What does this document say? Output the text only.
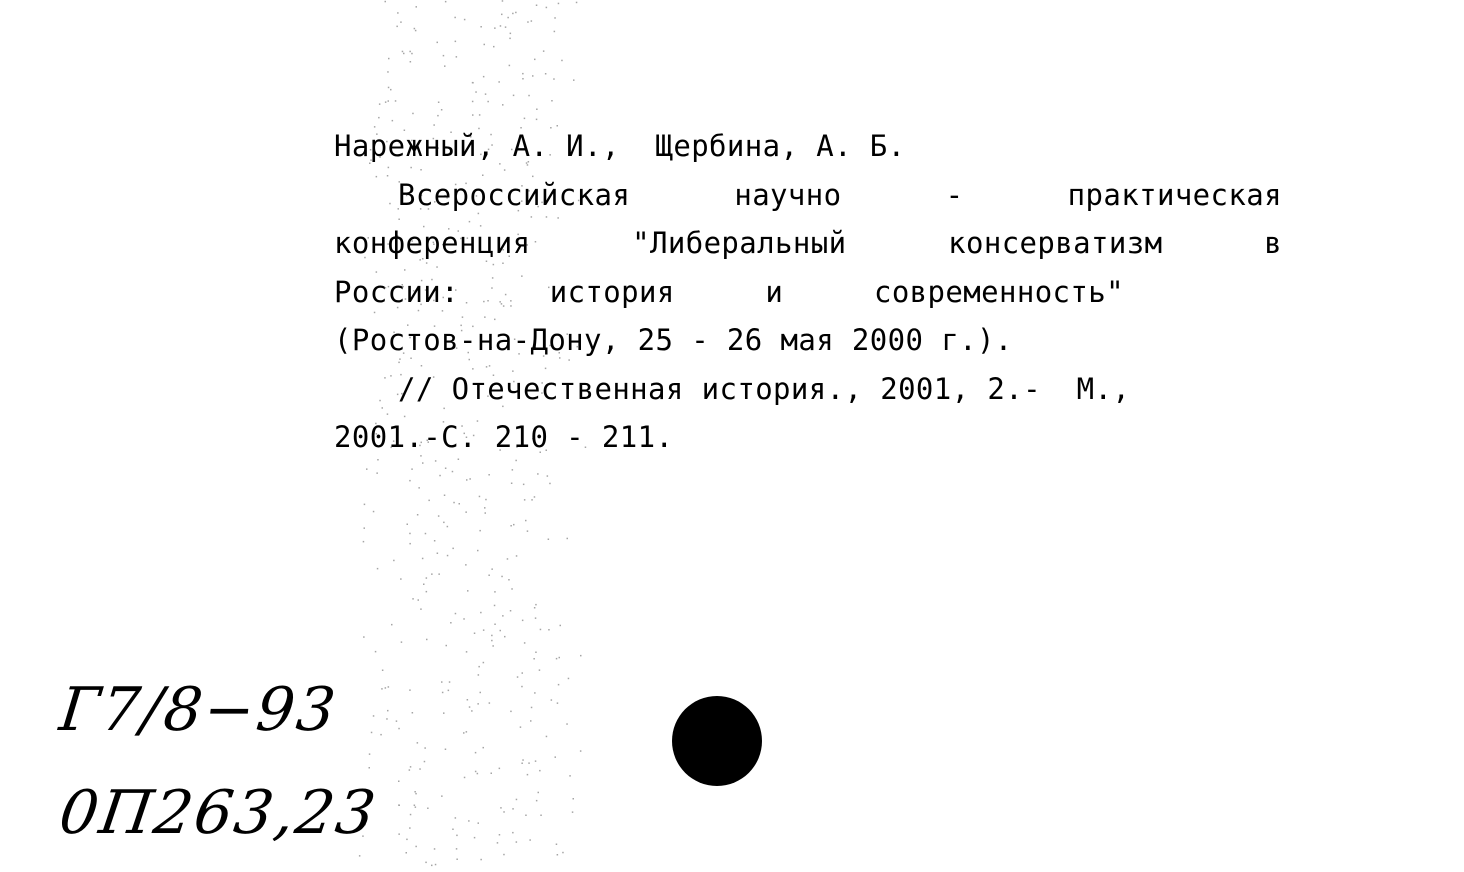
Нарежный, А. И.,  Щербина, А. Б.
Всероссийская	научно	-	практическая
конференция	"Либеральный	консерватизм	в
России:	история	и	современность"
(Ростов-на-Дону, 25 - 26 мая 2000 г.).
// Отечественная история., 2001, 2.-  М.,
2001.-С. 210 - 211.
Г7/8−93
0П263,23
